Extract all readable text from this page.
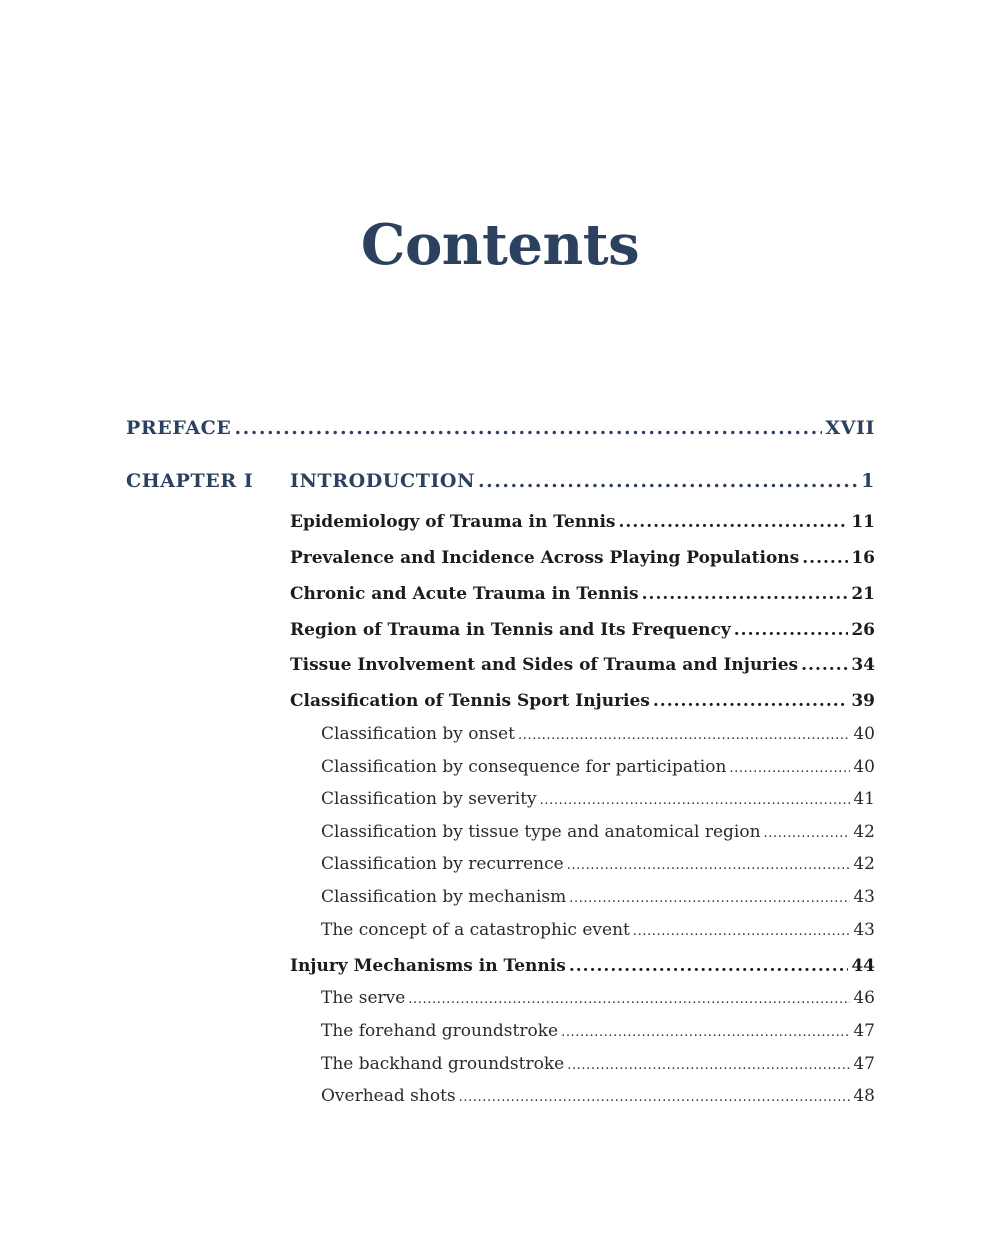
Contents
PREFACE .....	XVII
CHAPTER I INTRODUCTION .....	1
Epidemiology of Trauma in Tennis .....	11
Prevalence and Incidence Across Playing Populations .....	16
Chronic and Acute Trauma in Tennis .....	21
Region of Trauma in Tennis and Its Frequency .....	26
Tissue Involvement and Sides of Trauma and Injuries .....	34
Classification of Tennis Sport Injuries .....	39
Classification by onset .....	40
Classification by consequence for participation .....	40
Classification by severity .....	41
Classification by tissue type and anatomical region .....	42
Classification by recurrence .....	42
Classification by mechanism .....	43
The concept of a catastrophic event .....	43
Injury Mechanisms in Tennis .....	44
The serve .....	46
The forehand groundstroke .....	47
The backhand groundstroke .....	47
Overhead shots .....	48
